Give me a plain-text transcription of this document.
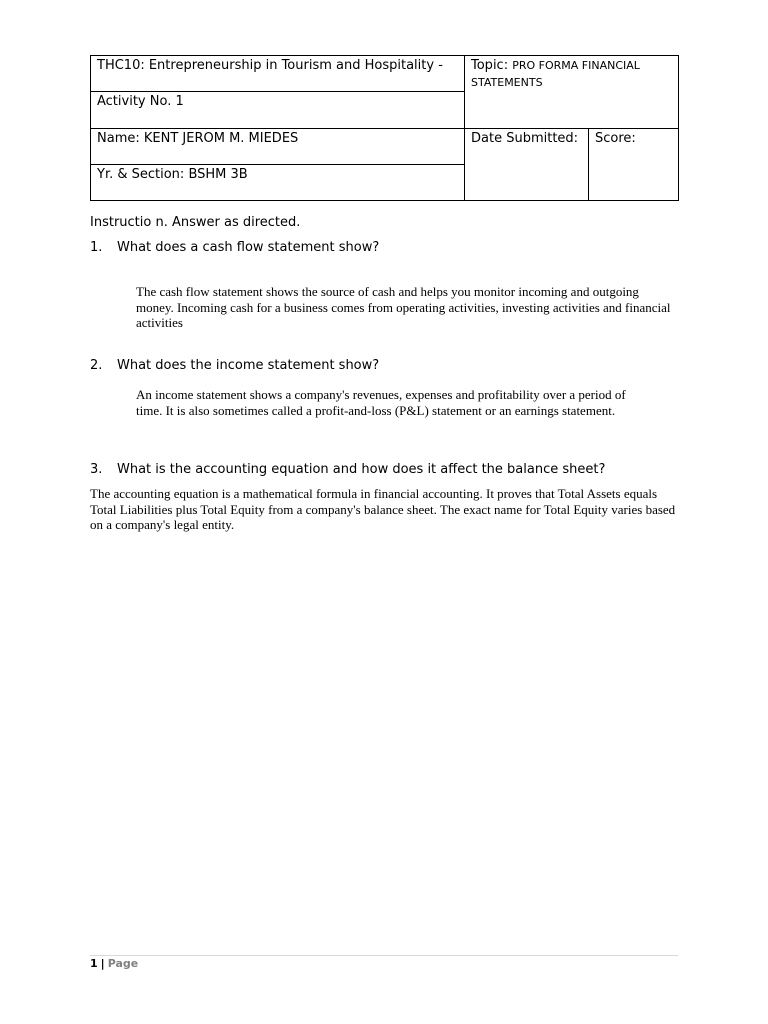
THC10: Entrepreneurship in Tourism and Hospitality -	Topic: PRO FORMA FINANCIAL STATEMENTS	
Activity No. 1		
Name: KENT JEROM M. MIEDES	Date Submitted:	Score:
Yr. & Section: BSHM 3B		
Instructio n. Answer as directed.
1. What does a cash flow statement show?
The cash flow statement shows the source of cash and helps you monitor incoming and outgoing money. Incoming cash for a business comes from operating activities, investing activities and financial activities
2. What does the income statement show?
An income statement shows a company's revenues, expenses and profitability over a period of time. It is also sometimes called a profit-and-loss (P&L) statement or an earnings statement.
3. What is the accounting equation and how does it affect the balance sheet?
The accounting equation is a mathematical formula in financial accounting. It proves that Total Assets equals Total Liabilities plus Total Equity from a company's balance sheet. The exact name for Total Equity varies based on a company's legal entity.
1 | Page
